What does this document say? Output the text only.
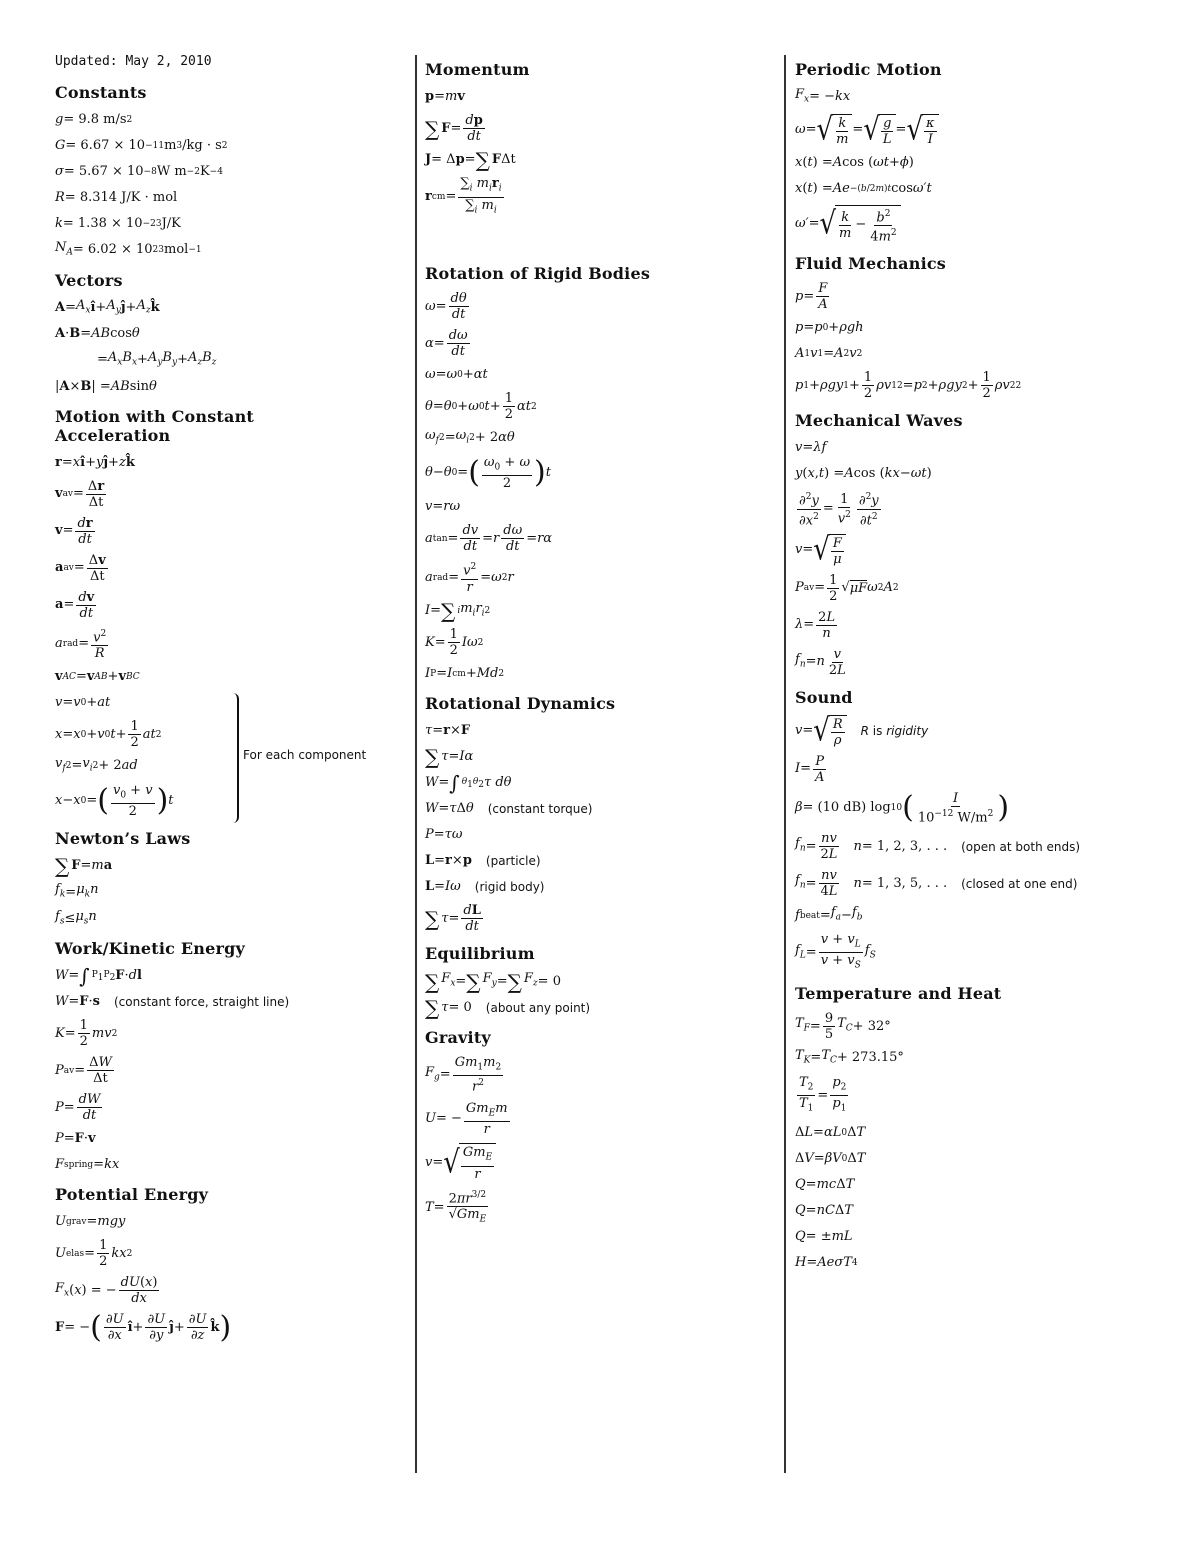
Updated: May 2, 2010
Constants
g = 9.8 m/s 2
G = 6.67 × 10 −11 m 3 /kg · s 2
σ = 5.67 × 10 −8 W m −2 K −4
R = 8.314 J/K · mol
k = 1.38 × 10 −23 J/K
$N_A = 6.02 \times 10$ 23 mol −1
Vectors
$A = A_x$ î + $A_y$ ĵ + $A_z$ k̂
A · B = AB cos θ
= $A_xB_x + A_yB_y + A_zB_z$
| A × B | = AB sin θ
Motion with Constant Acceleration
r = x î + y ĵ + z k̂
v av = $\frac{\Delta r}{\Delta t}$
$v = \frac{dr}{dt}$
a av = $\frac{\Delta v}{\Delta t}$
$a = \frac{dv}{dt}$
a rad = $\frac{v^2}{R}$
v AC = v AB + v BC
v = v 0 + at
x = x 0 + v 0 $t + \frac{1}{2}$ at 2
$v_f$ $2 = v_i$ 2 + 2 ad
x − x 0 = ( $\frac{v_0 + v}{2}$ ) t
For each component
Newton’s Laws
∑ F = m a
$f_k = \mu_kn$
$f_s \le \mu_sn$
Work/Kinetic Energy
W = ∫ $P_1$ $P_2$ F · d l
W = F · s (constant force, straight line)
$K = \frac{1}{2}$ mv 2
P av = $\frac{\Delta W}{\Delta t}$
$P = \frac{dW}{dt}$
P = F · v
F spring = kx
Potential Energy
U grav = mgy
U elas = $\frac{1}{2}$ kx 2
$F_x$ ( x ) = − $\frac{dU(x)}{dx}$
F = − ( $\frac{\partial U}{\partial x}$ î + $\frac{\partial U}{\partial y}$ ĵ + $\frac{\partial U}{\partial z}$ k̂ )
Momentum
p = m v
∑ $F = \frac{dp}{dt}$
J = Δ p = ∑ F Δt
r cm = $\frac{\sum_i m_ir_i}{\sum_i m_i}$
Rotation of Rigid Bodies
$\omega = \frac{d\theta}{dt}$
$\alpha = \frac{d\omega}{dt}$
ω = ω 0 + αt
θ = θ 0 + ω 0 $t + \frac{1}{2}$ αt 2
$\omega_f$ $2 = \omega_i$ 2 + 2 αθ
θ − θ 0 = ( $\frac{\omega_0 + \omega}{2}$ ) t
v = rω
a $\tan = \frac{dv}{dt} = r \frac{d\omega}{dt} = r\alpha$
a rad = $\frac{v^2}{r} = \omega$ 2 r
I = ∑ i $m_ir_i$ 2
$K = \frac{1}{2}$ Iω 2
I P = I cm + Md 2
Rotational Dynamics
τ = r × F
∑ τ = Iα
W = ∫ $\theta_1$ $\theta_2$ τ dθ
W = τ Δ θ (constant torque)
P = τω
L = r × p (particle)
L = Iω (rigid body)
∑ $\tau = \frac{dL}{dt}$
Equilibrium
∑ $F_x$ = ∑ $F_y$ = ∑ $F_z = 0$
∑ τ = 0 (about any point)
Gravity
$F_g = \frac{Gm_1m_2}{r^2}$
U = − $\frac{Gm_Em}{r}$
v = √ $\frac{Gm_E}{r}$
$T = \frac{2\pi r^{3/2}}{√Gm_E}$
Periodic Motion
$F_x$ = − kx
ω = √ $\frac{k}{m}$ = √ $\frac{g}{L}$ = √ $\frac{\kappa}{I}$
x ( t ) = A cos ( ωt + ϕ )
x ( t ) = Ae −(b/2m)t cos ω′t
ω′ = √ $\frac{k}{m} - \frac{b^2}{4m^2}$
Fluid Mechanics
$p = \frac{F}{A}$
p = p 0 + ρgh
A 1 v 1 = A 2 v 2
p 1 + ρgy $1 + \frac{1}{2}$ ρv 1 2 = p 2 + ρgy $2 + \frac{1}{2}$ ρv 2 2
Mechanical Waves
v = λf
y ( x , t ) = A cos ( kx − ωt )
$\frac{\partial^2y}{\partial x^2} = \frac{1}{v^2} \frac{\partial^2y}{\partial t^2}$
v = √ $\frac{F}{\mu}$
P av = $\frac{1}{2}$ √ μF ω 2 A 2
$\lambda = \frac{2L}{n}$
$f_n = n \frac{v}{2L}$
Sound
v = √ $\frac{R}{\rho}$ R is rigidity
$I = \frac{P}{A}$
β = (10 dB) log 10 ( $\frac{I}{10^{-12} W/m^2}$ )
$f_n = \frac{nv}{2L}$ n = 1, 2, 3, . . . (open at both ends)
$f_n = \frac{nv}{4L}$ n = 1, 3, 5, . . . (closed at one end)
f beat = $f_a - f_b$
$f_L = \frac{v + v_L}{v + v_S} f_S$
Temperature and Heat
$T_F = \frac{9}{5} T_C + 32^\circ$
$T_K = T_C + 273.15^\circ$
$\frac{T_2}{T_1} = \frac{p_2}{p_1}$
Δ L = αL 0 Δ T
Δ V = βV 0 Δ T
Q = mc Δ T
Q = nC Δ T
Q = ± mL
H = AeσT 4
